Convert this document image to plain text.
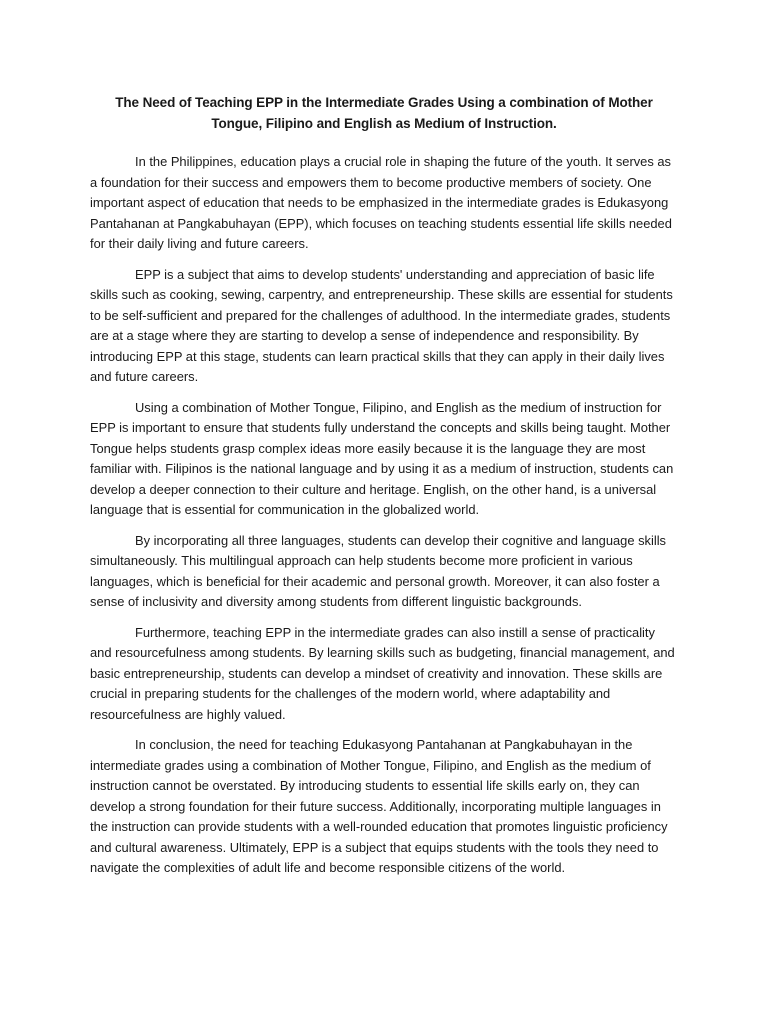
The Need of Teaching EPP in the Intermediate Grades Using a combination of Mother Tongue, Filipino and English as Medium of Instruction.

In the Philippines, education plays a crucial role in shaping the future of the youth. It serves as a foundation for their success and empowers them to become productive members of society. One important aspect of education that needs to be emphasized in the intermediate grades is Edukasyong Pantahanan at Pangkabuhayan (EPP), which focuses on teaching students essential life skills needed for their daily living and future careers.

EPP is a subject that aims to develop students' understanding and appreciation of basic life skills such as cooking, sewing, carpentry, and entrepreneurship. These skills are essential for students to be self-sufficient and prepared for the challenges of adulthood. In the intermediate grades, students are at a stage where they are starting to develop a sense of independence and responsibility. By introducing EPP at this stage, students can learn practical skills that they can apply in their daily lives and future careers.

Using a combination of Mother Tongue, Filipino, and English as the medium of instruction for EPP is important to ensure that students fully understand the concepts and skills being taught. Mother Tongue helps students grasp complex ideas more easily because it is the language they are most familiar with. Filipinos is the national language and by using it as a medium of instruction, students can develop a deeper connection to their culture and heritage. English, on the other hand, is a universal language that is essential for communication in the globalized world.

By incorporating all three languages, students can develop their cognitive and language skills simultaneously. This multilingual approach can help students become more proficient in various languages, which is beneficial for their academic and personal growth. Moreover, it can also foster a sense of inclusivity and diversity among students from different linguistic backgrounds.

Furthermore, teaching EPP in the intermediate grades can also instill a sense of practicality and resourcefulness among students. By learning skills such as budgeting, financial management, and basic entrepreneurship, students can develop a mindset of creativity and innovation. These skills are crucial in preparing students for the challenges of the modern world, where adaptability and resourcefulness are highly valued.

In conclusion, the need for teaching Edukasyong Pantahanan at Pangkabuhayan in the intermediate grades using a combination of Mother Tongue, Filipino, and English as the medium of instruction cannot be overstated. By introducing students to essential life skills early on, they can develop a strong foundation for their future success. Additionally, incorporating multiple languages in the instruction can provide students with a well-rounded education that promotes linguistic proficiency and cultural awareness. Ultimately, EPP is a subject that equips students with the tools they need to navigate the complexities of adult life and become responsible citizens of the world.
